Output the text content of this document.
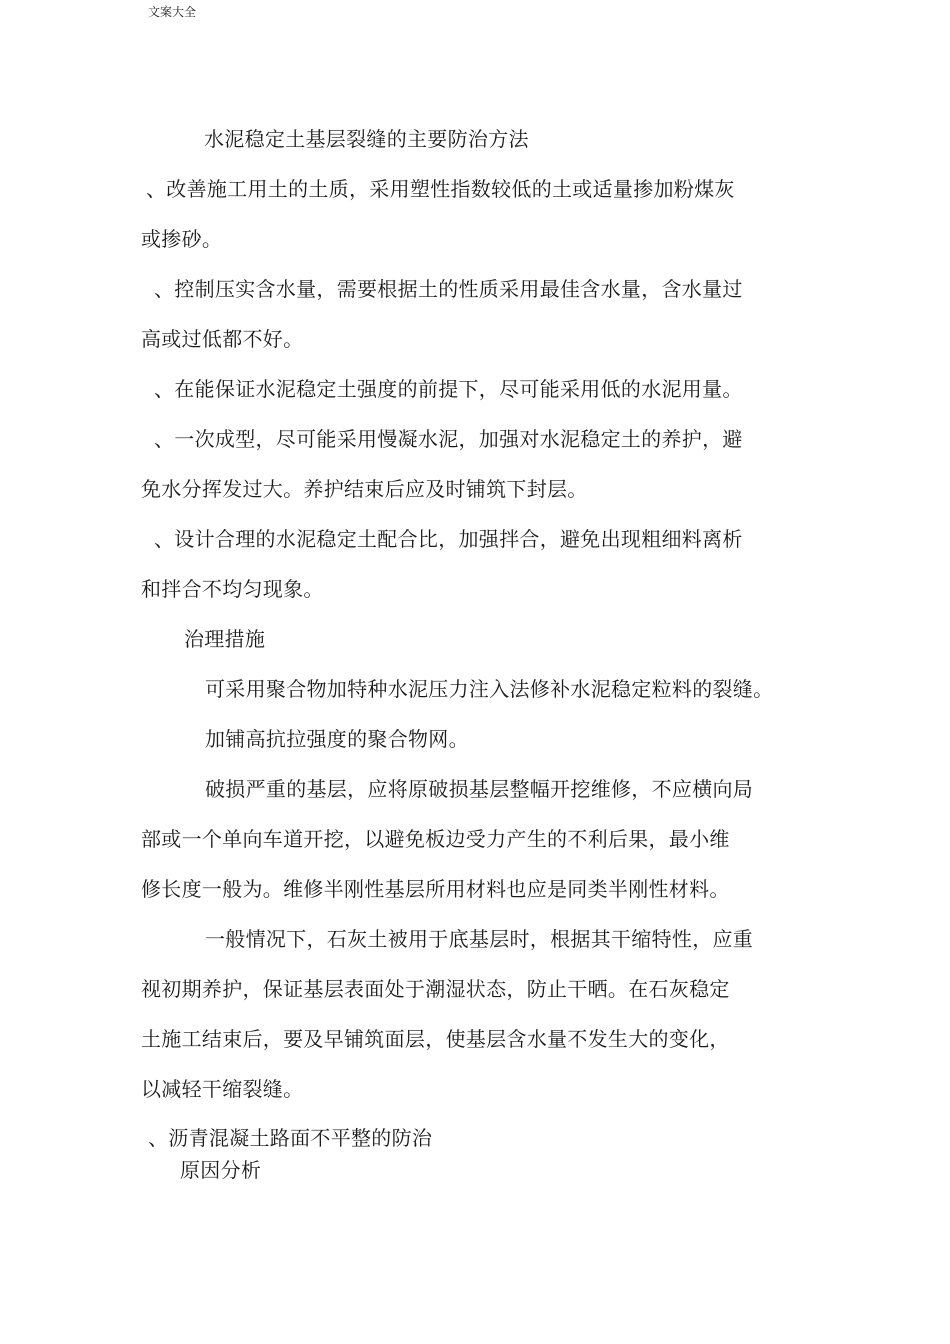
文案大全
水泥稳定土基层裂缝的主要防治方法
、改善施工用土的土质，采用塑性指数较低的土或适量掺加粉煤灰
或掺砂。
、控制压实含水量，需要根据土的性质采用最佳含水量，含水量过
高或过低都不好。
、在能保证水泥稳定土强度的前提下，尽可能采用低的水泥用量。
、一次成型，尽可能采用慢凝水泥，加强对水泥稳定土的养护，避
免水分挥发过大。养护结束后应及时铺筑下封层。
、设计合理的水泥稳定土配合比，加强拌合，避免出现粗细料离析
和拌合不均匀现象。
治理措施
可采用聚合物加特种水泥压力注入法修补水泥稳定粒料的裂缝。
加铺高抗拉强度的聚合物网。
破损严重的基层，应将原破损基层整幅开挖维修，不应横向局
部或一个单向车道开挖，以避免板边受力产生的不利后果，最小维
修长度一般为。维修半刚性基层所用材料也应是同类半刚性材料。
一般情况下，石灰土被用于底基层时，根据其干缩特性，应重
视初期养护，保证基层表面处于潮湿状态，防止干晒。在石灰稳定
土施工结束后，要及早铺筑面层，使基层含水量不发生大的变化，
以减轻干缩裂缝。
、沥青混凝土路面不平整的防治
原因分析
